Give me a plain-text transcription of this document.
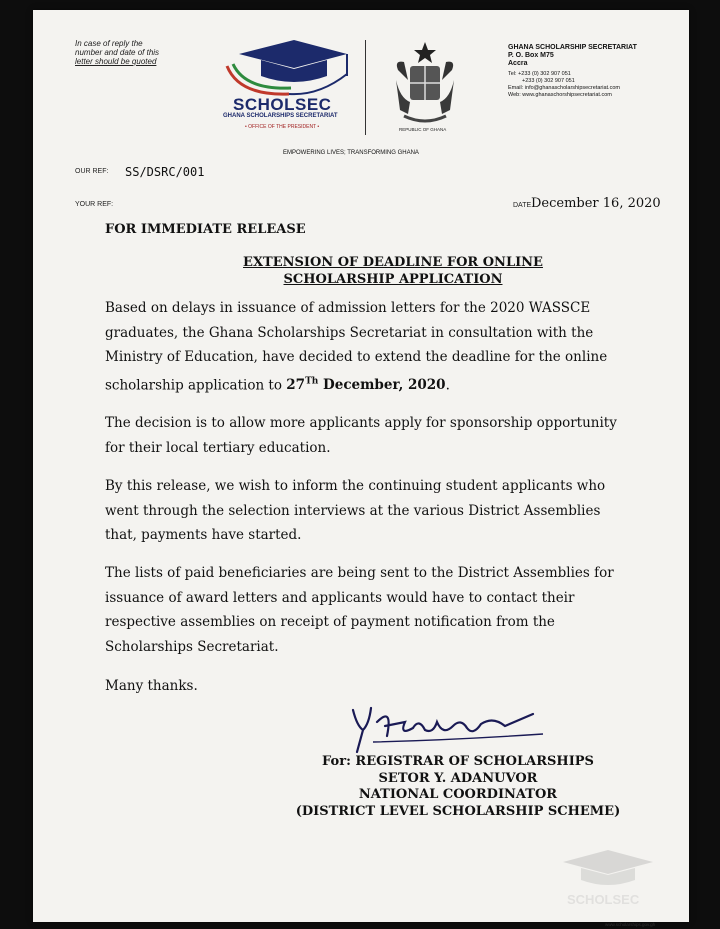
In case of reply the
number and date of this
letter should be quoted
SCHOLSEC
GHANA SCHOLARSHIPS SECRETARIAT
• OFFICE OF THE PRESIDENT •	REPUBLIC OF GHANA
GHANA SCHOLARSHIP SECRETARIAT
P. O. Box M75
Accra
Tel: +233 (0) 302 907 051
+233 (0) 302 907 051
Email: info@ghanascholarshipsecretariat.com
Web: www.ghanaschorshipsecretariat.com
EMPOWERING LIVES; TRANSFORMING GHANA
OUR REF: SS/DSRC/001
YOUR REF:	DATE December 16, 2020
FOR IMMEDIATE RELEASE
EXTENSION OF DEADLINE FOR ONLINE
SCHOLARSHIP APPLICATION
Based on delays in issuance of admission letters for the 2020 WASSCE
graduates, the Ghana Scholarships Secretariat in consultation with the
Ministry of Education, have decided to extend the deadline for the online
scholarship application to 27Th December, 2020.
The decision is to allow more applicants apply for sponsorship opportunity
for their local tertiary education.
By this release, we wish to inform the continuing student applicants who
went through the selection interviews at the various District Assemblies
that, payments have started.
The lists of paid beneficiaries are being sent to the District Assemblies for
issuance of award letters and applicants would have to contact their
respective assemblies on receipt of payment notification from the
Scholarships Secretariat.
Many thanks.
For: REGISTRAR OF SCHOLARSHIPS
SETOR Y. ADANUVOR
NATIONAL COORDINATOR
(DISTRICT LEVEL SCHOLARSHIP SCHEME)
SCHOLSEC
www.scholarships.gov.gh
